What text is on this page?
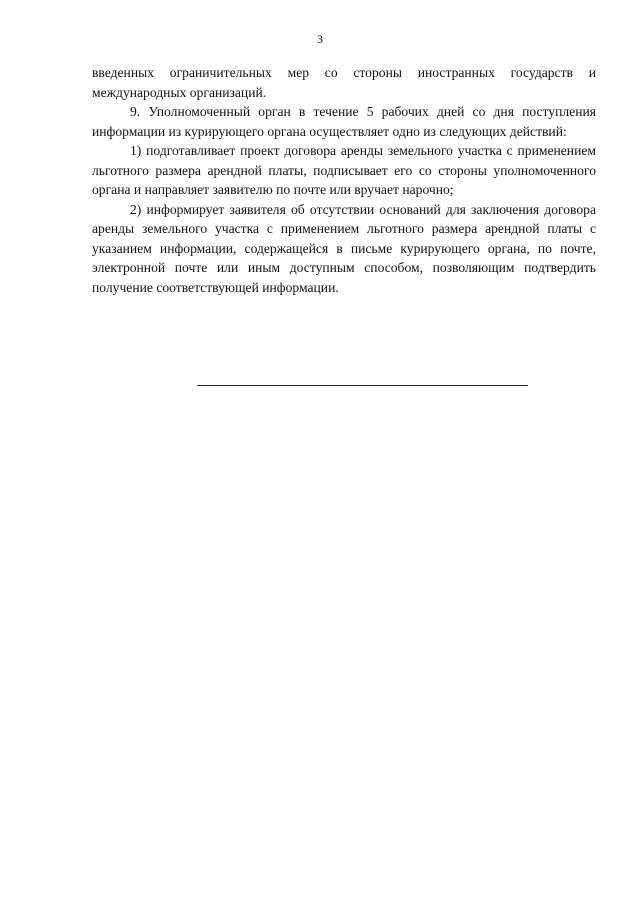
3

введенных ограничительных мер со стороны иностранных государств и международных организаций.

9. Уполномоченный орган в течение 5 рабочих дней со дня поступления информации из курирующего органа осуществляет одно из следующих действий:

1) подготавливает проект договора аренды земельного участка с применением льготного размера арендной платы, подписывает его со стороны уполномоченного органа и направляет заявителю по почте или вручает нарочно;

2) информирует заявителя об отсутствии оснований для заключения договора аренды земельного участка с применением льготного размера арендной платы с указанием информации, содержащейся в письме курирующего органа, по почте, электронной почте или иным доступным способом, позволяющим подтвердить получение соответствующей информации.
